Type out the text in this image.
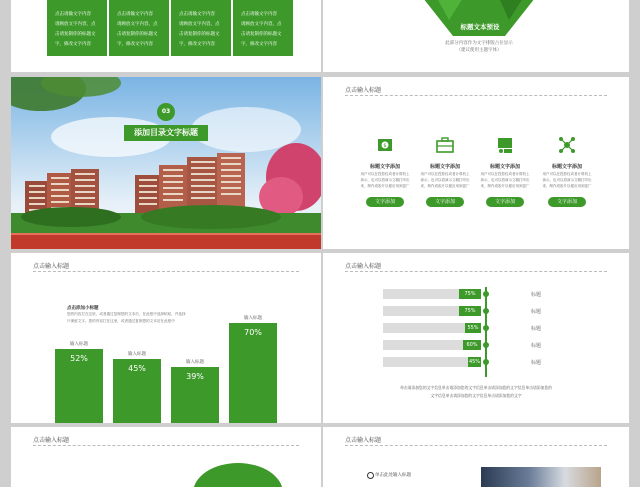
点击请输文字内容
请顾放文字内容，点
击请复制你的标题文
字，修改文字内容
点击请输文字内容
请顾放文字内容，点
击请复制你的标题文
字，修改文字内容
点击请输文字内容
请顾放文字内容，点
击请复制你的标题文
字，修改文字内容
点击请输文字内容
请顾放文字内容，点
击请复制你的标题文
字，修改文字内容
标题文本预设
此部分内容作为文字排版占位显示
（建议使用主题字体）
03
添加目录文字标题
点击输入标题
$
标题文字添加
用户可以在投影仪或者计算机上
演示，也可以将演示文稿打印出
来，制作成胶片以便应用到更广
文字添加
标题文字添加
用户可以在投影仪或者计算机上
演示，也可以将演示文稿打印出
来，制作成胶片以便应用到更广
文字添加
标题文字添加
用户可以在投影仪或者计算机上
演示，也可以将演示文稿打印出
来，制作成胶片以便应用到更广
文字添加
标题文字添加
用户可以在投影仪或者计算机上
演示，也可以将演示文稿打印出
来，制作成胶片以便应用到更广
文字添加
点击输入标题
点击添加小标题
您的内容打在这里，或者通过复制您的文本后，在此框中选择粘贴，并选择
只保留文字。您的内容打在这里，或者通过复制您的文本后在此框中
52%
输入标题
45%
输入标题
39%
输入标题
70%
输入标题
点击输入标题
75%	标题
75%	标题
55%	标题
60%	标题
45%	标题
单击请添加您的文字信息单击请添加您的文字信息单击请添加您的文字信息单击请添加您的
文字信息单击请添加您的文字信息单击请添加您的文字
点击输入标题	点击输入标题
单击此处输入标题
